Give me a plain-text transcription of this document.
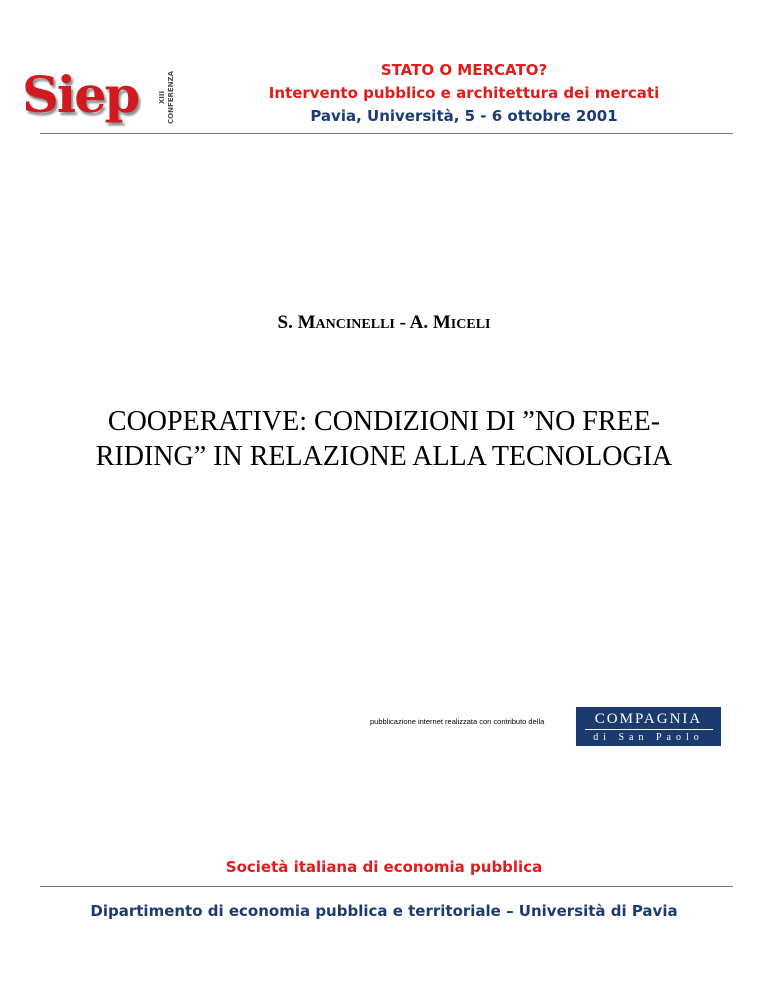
Siep	XIII CONFERENZA
STATO O MERCATO?
Intervento pubblico e architettura dei mercati
Pavia, Università, 5 - 6 ottobre 2001
S. MANCINELLI - A. MICELI
COOPERATIVE: CONDIZIONI DI ”NO FREE-
RIDING” IN RELAZIONE ALLA TECNOLOGIA
pubblicazione internet realizzata con contributo della	COMPAGNIA
di San Paolo
Società italiana di economia pubblica
Dipartimento di economia pubblica e territoriale – Università di Pavia
